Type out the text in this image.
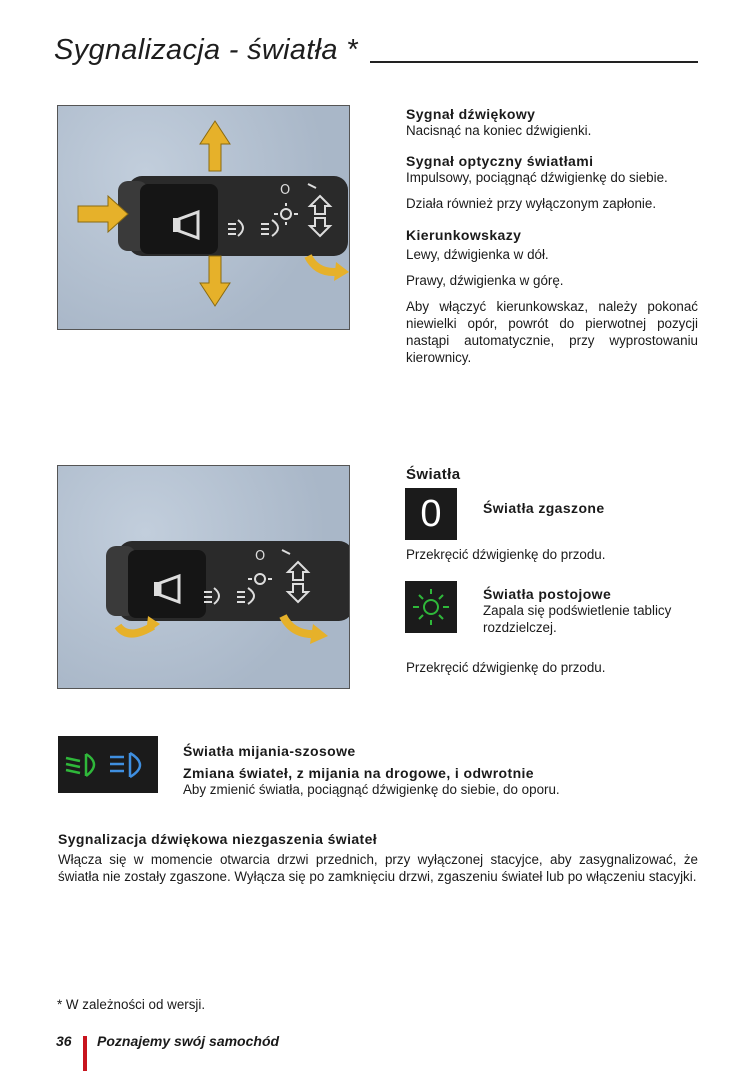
Sygnalizacja - światła *
O
Sygnał dźwiękowy
Nacisnąć na koniec dźwigienki.
Sygnał optyczny światłami
Impulsowy, pociągnąć dźwigienkę do siebie.
Działa również przy wyłączonym zapłonie.
Kierunkowskazy
Lewy, dźwigienka w dół.
Prawy, dźwigienka w górę.
Aby włączyć kierunkowskaz, należy pokonać niewielki opór, powrót do pierwotnej pozycji nastąpi automatycznie, przy wyprostowaniu kierownicy.
O
Światła
0	Światła zgaszone
Przekręcić dźwigienkę do przodu.
Światła postojowe
Zapala się podświetlenie tablicy rozdzielczej.
Przekręcić dźwigienkę do przodu.
Światła mijania-szosowe
Zmiana świateł, z mijania na drogowe, i odwrotnie
Aby zmienić światła, pociągnąć dźwigienkę do siebie, do oporu.
Sygnalizacja dźwiękowa niezgaszenia świateł
Włącza się w momencie otwarcia drzwi przednich, przy wyłączonej stacyjce, aby zasygnalizować, że światła nie zostały zgaszone. Wyłącza się po zamknięciu drzwi, zgaszeniu świateł lub po włączeniu stacyjki.
* W zależności od wersji.
36 Poznajemy swój samochód
